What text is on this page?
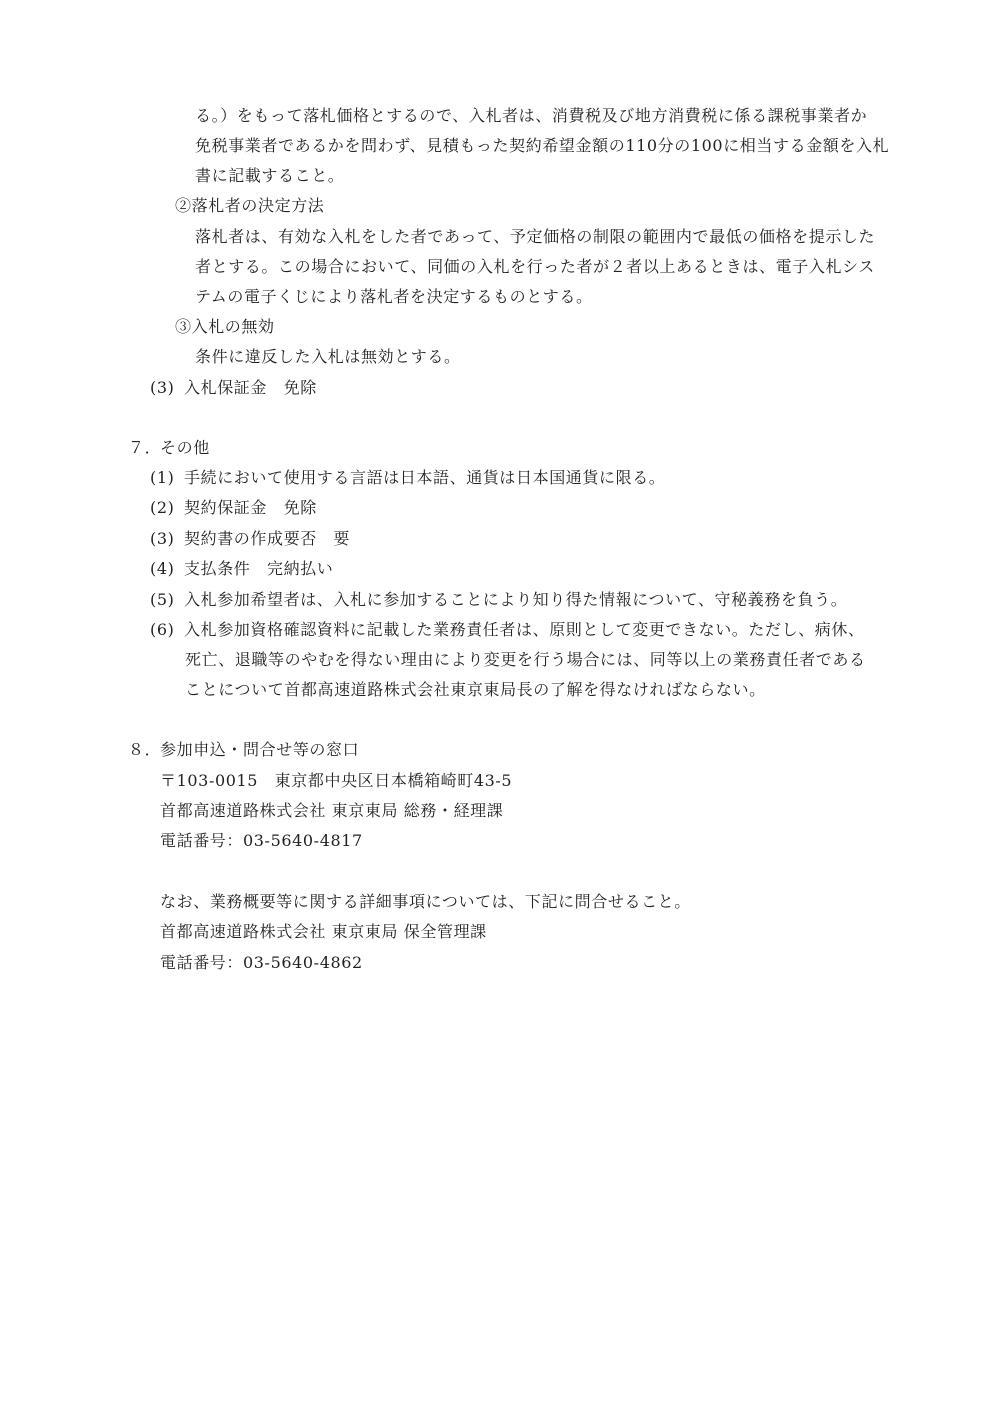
る。）をもって落札価格とするので、入札者は、消費税及び地方消費税に係る課税事業者か
免税事業者であるかを問わず、見積もった契約希望金額の110分の100に相当する金額を入札
書に記載すること。
②落札者の決定方法
落札者は、有効な入札をした者であって、予定価格の制限の範囲内で最低の価格を提示した
者とする。この場合において、同価の入札を行った者が２者以上あるときは、電子入札シス
テムの電子くじにより落札者を決定するものとする。
③入札の無効
条件に違反した入札は無効とする。
(3) 入札保証金　免除
７．その他
(1) 手続において使用する言語は日本語、通貨は日本国通貨に限る。
(2) 契約保証金　免除
(3) 契約書の作成要否　要
(4) 支払条件　完納払い
(5) 入札参加希望者は、入札に参加することにより知り得た情報について、守秘義務を負う。
(6) 入札参加資格確認資料に記載した業務責任者は、原則として変更できない。ただし、病休、
死亡、退職等のやむを得ない理由により変更を行う場合には、同等以上の業務責任者である
ことについて首都高速道路株式会社東京東局長の了解を得なければならない。
８．参加申込・問合せ等の窓口
〒103-0015　東京都中央区日本橋箱崎町43-5
首都高速道路株式会社 東京東局 総務・経理課
電話番号：03-5640-4817
なお、業務概要等に関する詳細事項については、下記に問合せること。
首都高速道路株式会社 東京東局 保全管理課
電話番号：03-5640-4862
